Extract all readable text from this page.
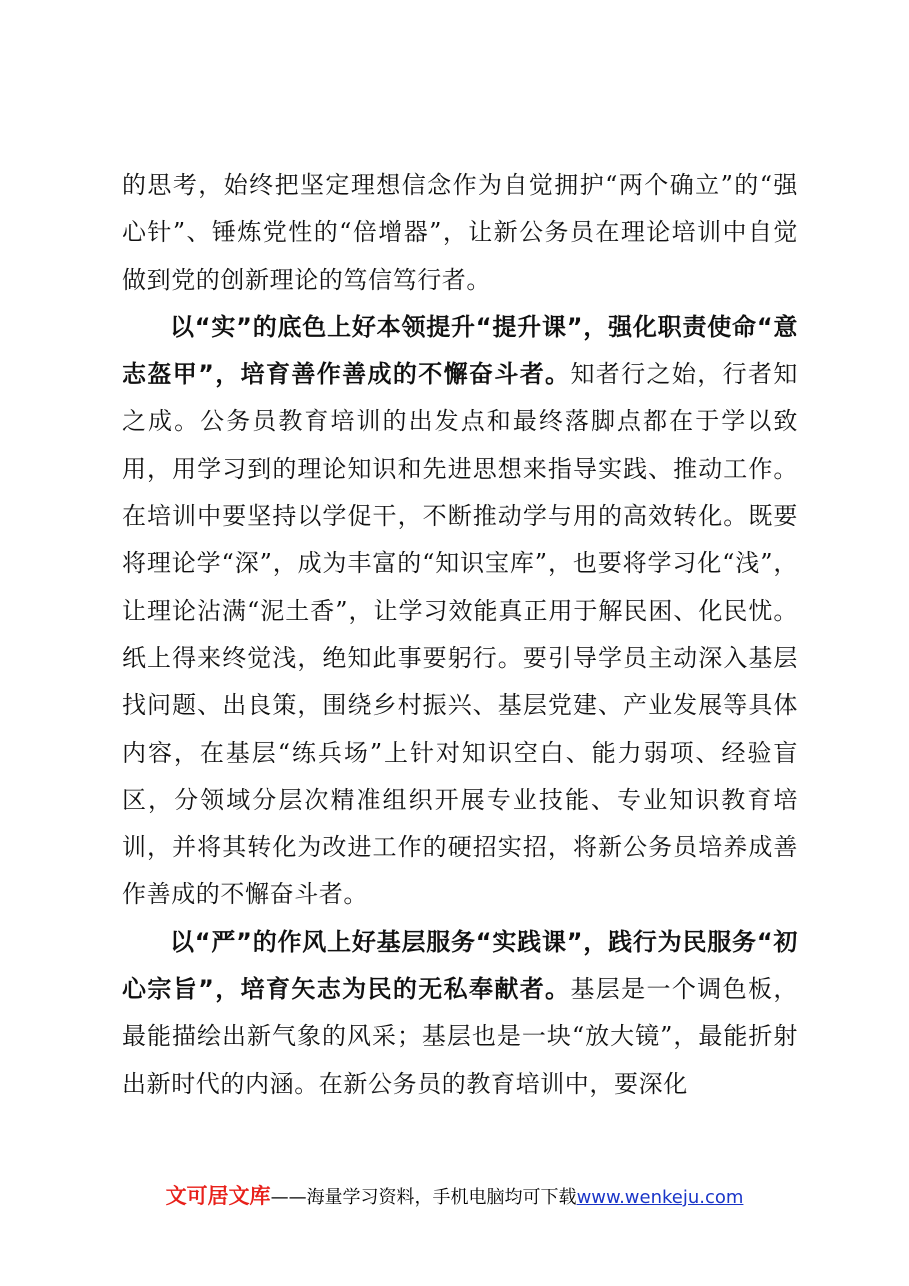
的思考，始终把坚定理想信念作为自觉拥护“两个确立”的“强心针”、锤炼党性的“倍增器”，让新公务员在理论培训中自觉做到党的创新理论的笃信笃行者。

以“实”的底色上好本领提升“提升课”，强化职责使命“意志盔甲”，培育善作善成的不懈奋斗者。知者行之始，行者知之成。公务员教育培训的出发点和最终落脚点都在于学以致用，用学习到的理论知识和先进思想来指导实践、推动工作。在培训中要坚持以学促干，不断推动学与用的高效转化。既要将理论学“深”，成为丰富的“知识宝库”，也要将学习化“浅”，让理论沾满“泥土香”，让学习效能真正用于解民困、化民忧。纸上得来终觉浅，绝知此事要躬行。要引导学员主动深入基层找问题、出良策，围绕乡村振兴、基层党建、产业发展等具体内容，在基层“练兵场”上针对知识空白、能力弱项、经验盲区，分领域分层次精准组织开展专业技能、专业知识教育培训，并将其转化为改进工作的硬招实招，将新公务员培养成善作善成的不懈奋斗者。

以“严”的作风上好基层服务“实践课”，践行为民服务“初心宗旨”，培育矢志为民的无私奉献者。基层是一个调色板，最能描绘出新气象的风采；基层也是一块“放大镜”，最能折射出新时代的内涵。在新公务员的教育培训中，要深化

文可居文库——海量学习资料，手机电脑均可下载www.wenkeju.com
